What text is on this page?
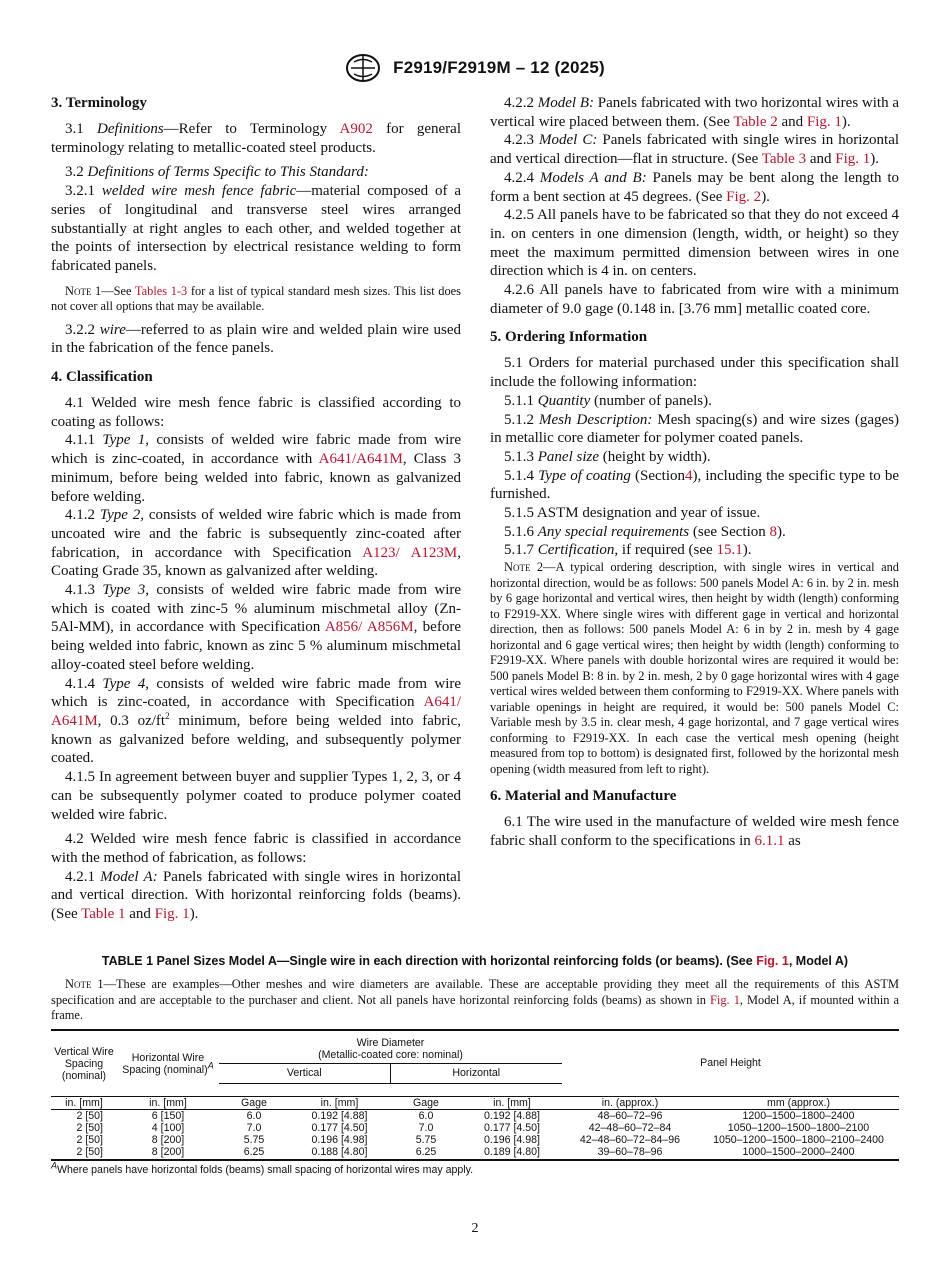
F2919/F2919M – 12 (2025)
3. Terminology

3.1 Definitions—Refer to Terminology A902 for general terminology relating to metallic-coated steel products.

3.2 Definitions of Terms Specific to This Standard:

3.2.1 welded wire mesh fence fabric—material composed of a series of longitudinal and transverse steel wires arranged substantially at right angles to each other, and welded together at the points of intersection by electrical resistance welding to form fabricated panels.

Note 1—See Tables 1-3 for a list of typical standard mesh sizes. This list does not cover all options that may be available.

3.2.2 wire—referred to as plain wire and welded plain wire used in the fabrication of the fence panels.

4. Classification

4.1 Welded wire mesh fence fabric is classified according to coating as follows:

4.1.1 Type 1, consists of welded wire fabric made from wire which is zinc-coated, in accordance with A641/A641M, Class 3 minimum, before being welded into fabric, known as galvanized before welding.

4.1.2 Type 2, consists of welded wire fabric which is made from uncoated wire and the fabric is subsequently zinc-coated after fabrication, in accordance with Specification A123/ A123M, Coating Grade 35, known as galvanized after welding.

4.1.3 Type 3, consists of welded wire fabric made from wire which is coated with zinc-5 % aluminum mischmetal alloy (Zn-5Al-MM), in accordance with Specification A856/ A856M, before being welded into fabric, known as zinc 5 % aluminum mischmetal alloy-coated steel before welding.

4.1.4 Type 4, consists of welded wire fabric made from wire which is zinc-coated, in accordance with Specification A641/ A641M, 0.3 $oz/ft^2$ minimum, before being welded into fabric, known as galvanized before welding, and subsequently polymer coated.

4.1.5 In agreement between buyer and supplier Types 1, 2, 3, or 4 can be subsequently polymer coated to produce polymer coated welded wire fabric.

4.2 Welded wire mesh fence fabric is classified in accordance with the method of fabrication, as follows:

4.2.1 Model A: Panels fabricated with single wires in horizontal and vertical direction. With horizontal reinforcing folds (beams). (See Table 1 and Fig. 1).

4.2.2 Model B: Panels fabricated with two horizontal wires with a vertical wire placed between them. (See Table 2 and Fig. 1).

4.2.3 Model C: Panels fabricated with single wires in horizontal and vertical direction—flat in structure. (See Table 3 and Fig. 1).

4.2.4 Models A and B: Panels may be bent along the length to form a bent section at 45 degrees. (See Fig. 2).

4.2.5 All panels have to be fabricated so that they do not exceed 4 in. on centers in one dimension (length, width, or height) so they meet the maximum permitted dimension between wires in one direction which is 4 in. on centers.

4.2.6 All panels have to fabricated from wire with a minimum diameter of 9.0 gage (0.148 in. [3.76 mm] metallic coated core.

5. Ordering Information

5.1 Orders for material purchased under this specification shall include the following information:

5.1.1 Quantity (number of panels).

5.1.2 Mesh Description: Mesh spacing(s) and wire sizes (gages) in metallic core diameter for polymer coated panels.

5.1.3 Panel size (height by width).

5.1.4 Type of coating (Section4), including the specific type to be furnished.

5.1.5 ASTM designation and year of issue.

5.1.6 Any special requirements (see Section 8).

5.1.7 Certification, if required (see 15.1).

Note 2—A typical ordering description, with single wires in vertical and horizontal direction, would be as follows: 500 panels Model A: 6 in. by 2 in. mesh by 6 gage horizontal and vertical wires, then height by width (length) conforming to F2919-XX. Where single wires with different gage in vertical and horizontal direction, then as follows: 500 panels Model A: 6 in by 2 in. mesh by 4 gage horizontal and 6 gage vertical wires; then height by width (length) conforming to F2919-XX. Where panels with double horizontal wires are required it would be: 500 panels Model B: 8 in. by 2 in. mesh, 2 by 0 gage horizontal wires with 4 gage vertical wires welded between them conforming to F2919-XX. Where panels with variable openings in height are required, it would be: 500 panels Model C: Variable mesh by 3.5 in. clear mesh, 4 gage horizontal, and 7 gage vertical wires conforming to F2919-XX. In each case the vertical mesh opening (height measured from top to bottom) is designated first, followed by the horizontal mesh opening (width measured from left to right).

6. Material and Manufacture

6.1 The wire used in the manufacture of welded wire mesh fence fabric shall conform to the specifications in 6.1.1 as

TABLE 1 Panel Sizes Model A—Single wire in each direction with horizontal reinforcing folds (or beams). (See Fig. 1, Model A)
Note 1—These are examples—Other meshes and wire diameters are available. These are acceptable providing they meet all the requirements of this ASTM specification and are acceptable to the purchaser and client. Not all panels have horizontal reinforcing folds (beams) as shown in Fig. 1, Model A, if mounted within a frame.
Vertical Wire Spacing (nominal)	Horizontal Wire Spacing (nominal)$^A$	Wire Diameter
(Metallic-coated core: nominal)				Panel Height	
		Vertical		Horizontal			

in. [mm]	in. [mm]	Gage	in. [mm]	Gage	in. [mm]	in. (approx.)	mm (approx.)
2 [50]	6 [150]	6.0	0.192 [4.88]	6.0	0.192 [4.88]	48–60–72–96	1200–1500–1800–2400
2 [50]	4 [100]	7.0	0.177 [4.50]	7.0	0.177 [4.50]	42–48–60–72–84	1050–1200–1500–1800–2100
2 [50]	8 [200]	5.75	0.196 [4.98]	5.75	0.196 [4.98]	42–48–60–72–84–96	1050–1200–1500–1800–2100–2400
2 [50]	8 [200]	6.25	0.188 [4.80]	6.25	0.189 [4.80]	39–60–78–96	1000–1500–2000–2400
$^A$Where panels have horizontal folds (beams) small spacing of horizontal wires may apply.
2
